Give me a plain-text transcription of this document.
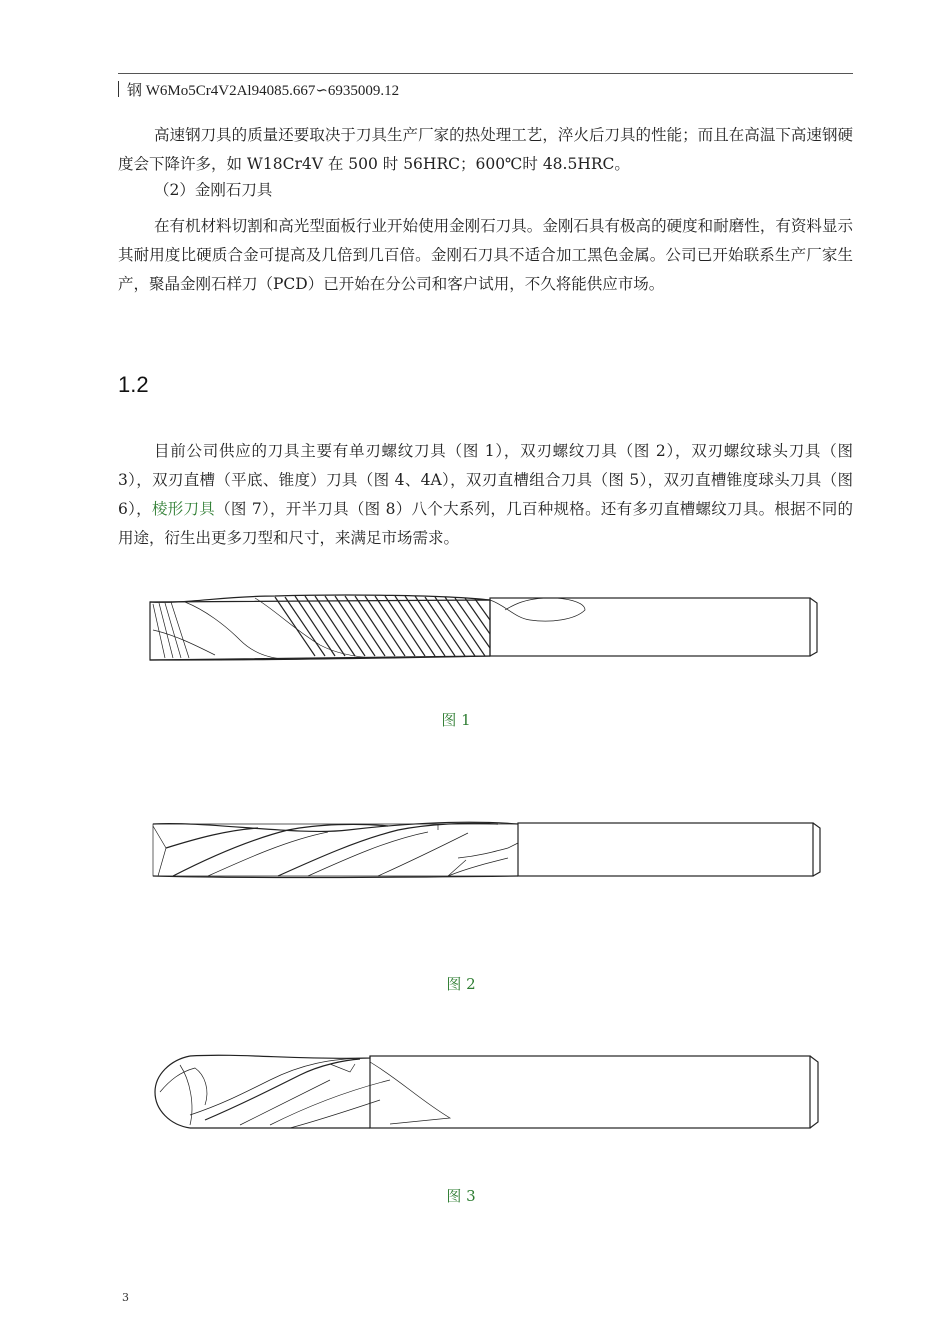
钢 W6Mo5Cr4V2Al94085.667∽6935009.12

高速钢刀具的质量还要取决于刀具生产厂家的热处理工艺，淬火后刀具的性能；而且在高温下高速钢硬度会下降许多，如 W18Cr4V 在 500 时 56HRC；600℃时 48.5HRC。

（2）金刚石刀具

在有机材料切割和高光型面板行业开始使用金刚石刀具。金刚石具有极高的硬度和耐磨性，有资料显示其耐用度比硬质合金可提高及几倍到几百倍。金刚石刀具不适合加工黑色金属。公司已开始联系生产厂家生产，聚晶金刚石样刀（PCD）已开始在分公司和客户试用，不久将能供应市场。

1.2

目前公司供应的刀具主要有单刃螺纹刀具（图 1），双刃螺纹刀具（图 2），双刃螺纹球头刀具（图 3），双刃直槽（平底、锥度）刀具（图 4、4A），双刃直槽组合刀具（图 5），双刃直槽锥度球头刀具（图 6），棱形刀具（图 7），开半刀具（图 8）八个大系列，几百种规格。还有多刃直槽螺纹刀具。根据不同的用途，衍生出更多刀型和尺寸，来满足市场需求。

图 1
图 2
图 3
3
